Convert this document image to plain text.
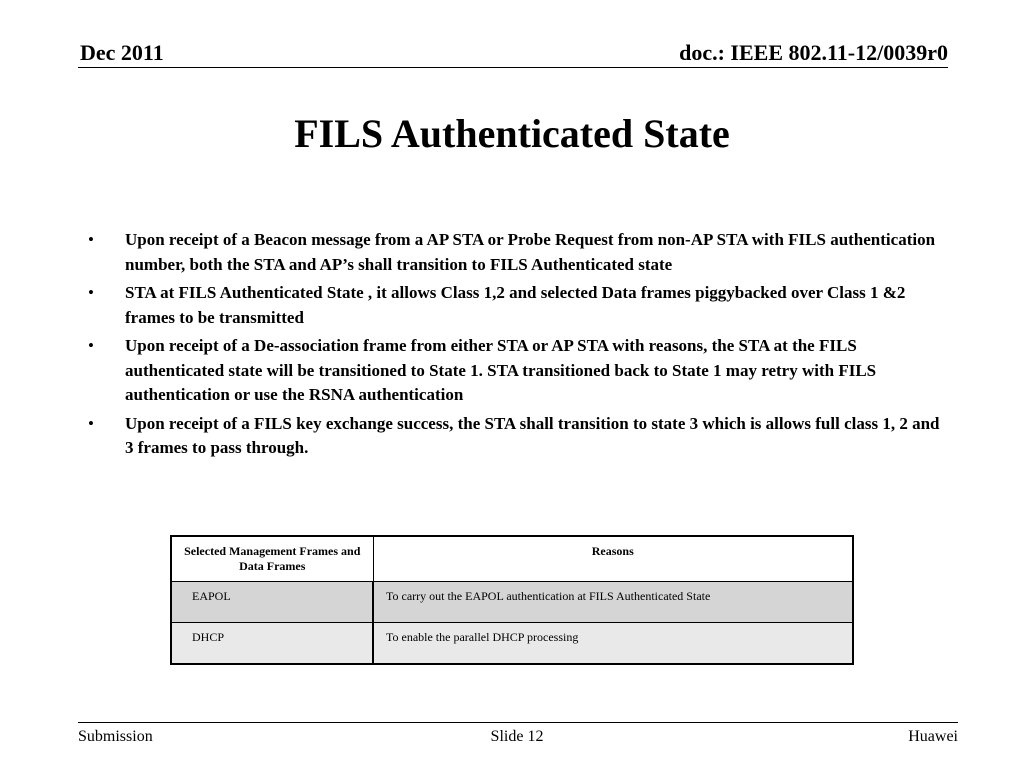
Dec 2011	doc.: IEEE 802.11-12/0039r0
FILS Authenticated State
• Upon receipt of a Beacon message from a AP STA or Probe Request from non-AP STA with FILS authentication number, both the STA and AP’s shall transition to FILS Authenticated state
• STA at FILS Authenticated State , it allows Class 1,2 and selected Data frames piggybacked over Class 1 &2 frames to be transmitted
• Upon receipt of a De-association frame from either STA or AP STA with reasons, the STA at the FILS authenticated state will be transitioned to State 1. STA transitioned back to State 1 may retry with FILS authentication or use the RSNA authentication
• Upon receipt of a FILS key exchange success, the STA shall transition to state 3 which is allows full class 1, 2 and 3 frames to pass through.
Selected Management Frames and Data Frames	Reasons
EAPOL	To carry out the EAPOL authentication at FILS Authenticated State
DHCP	To enable the parallel DHCP processing
Submission	Slide 12	Huawei
